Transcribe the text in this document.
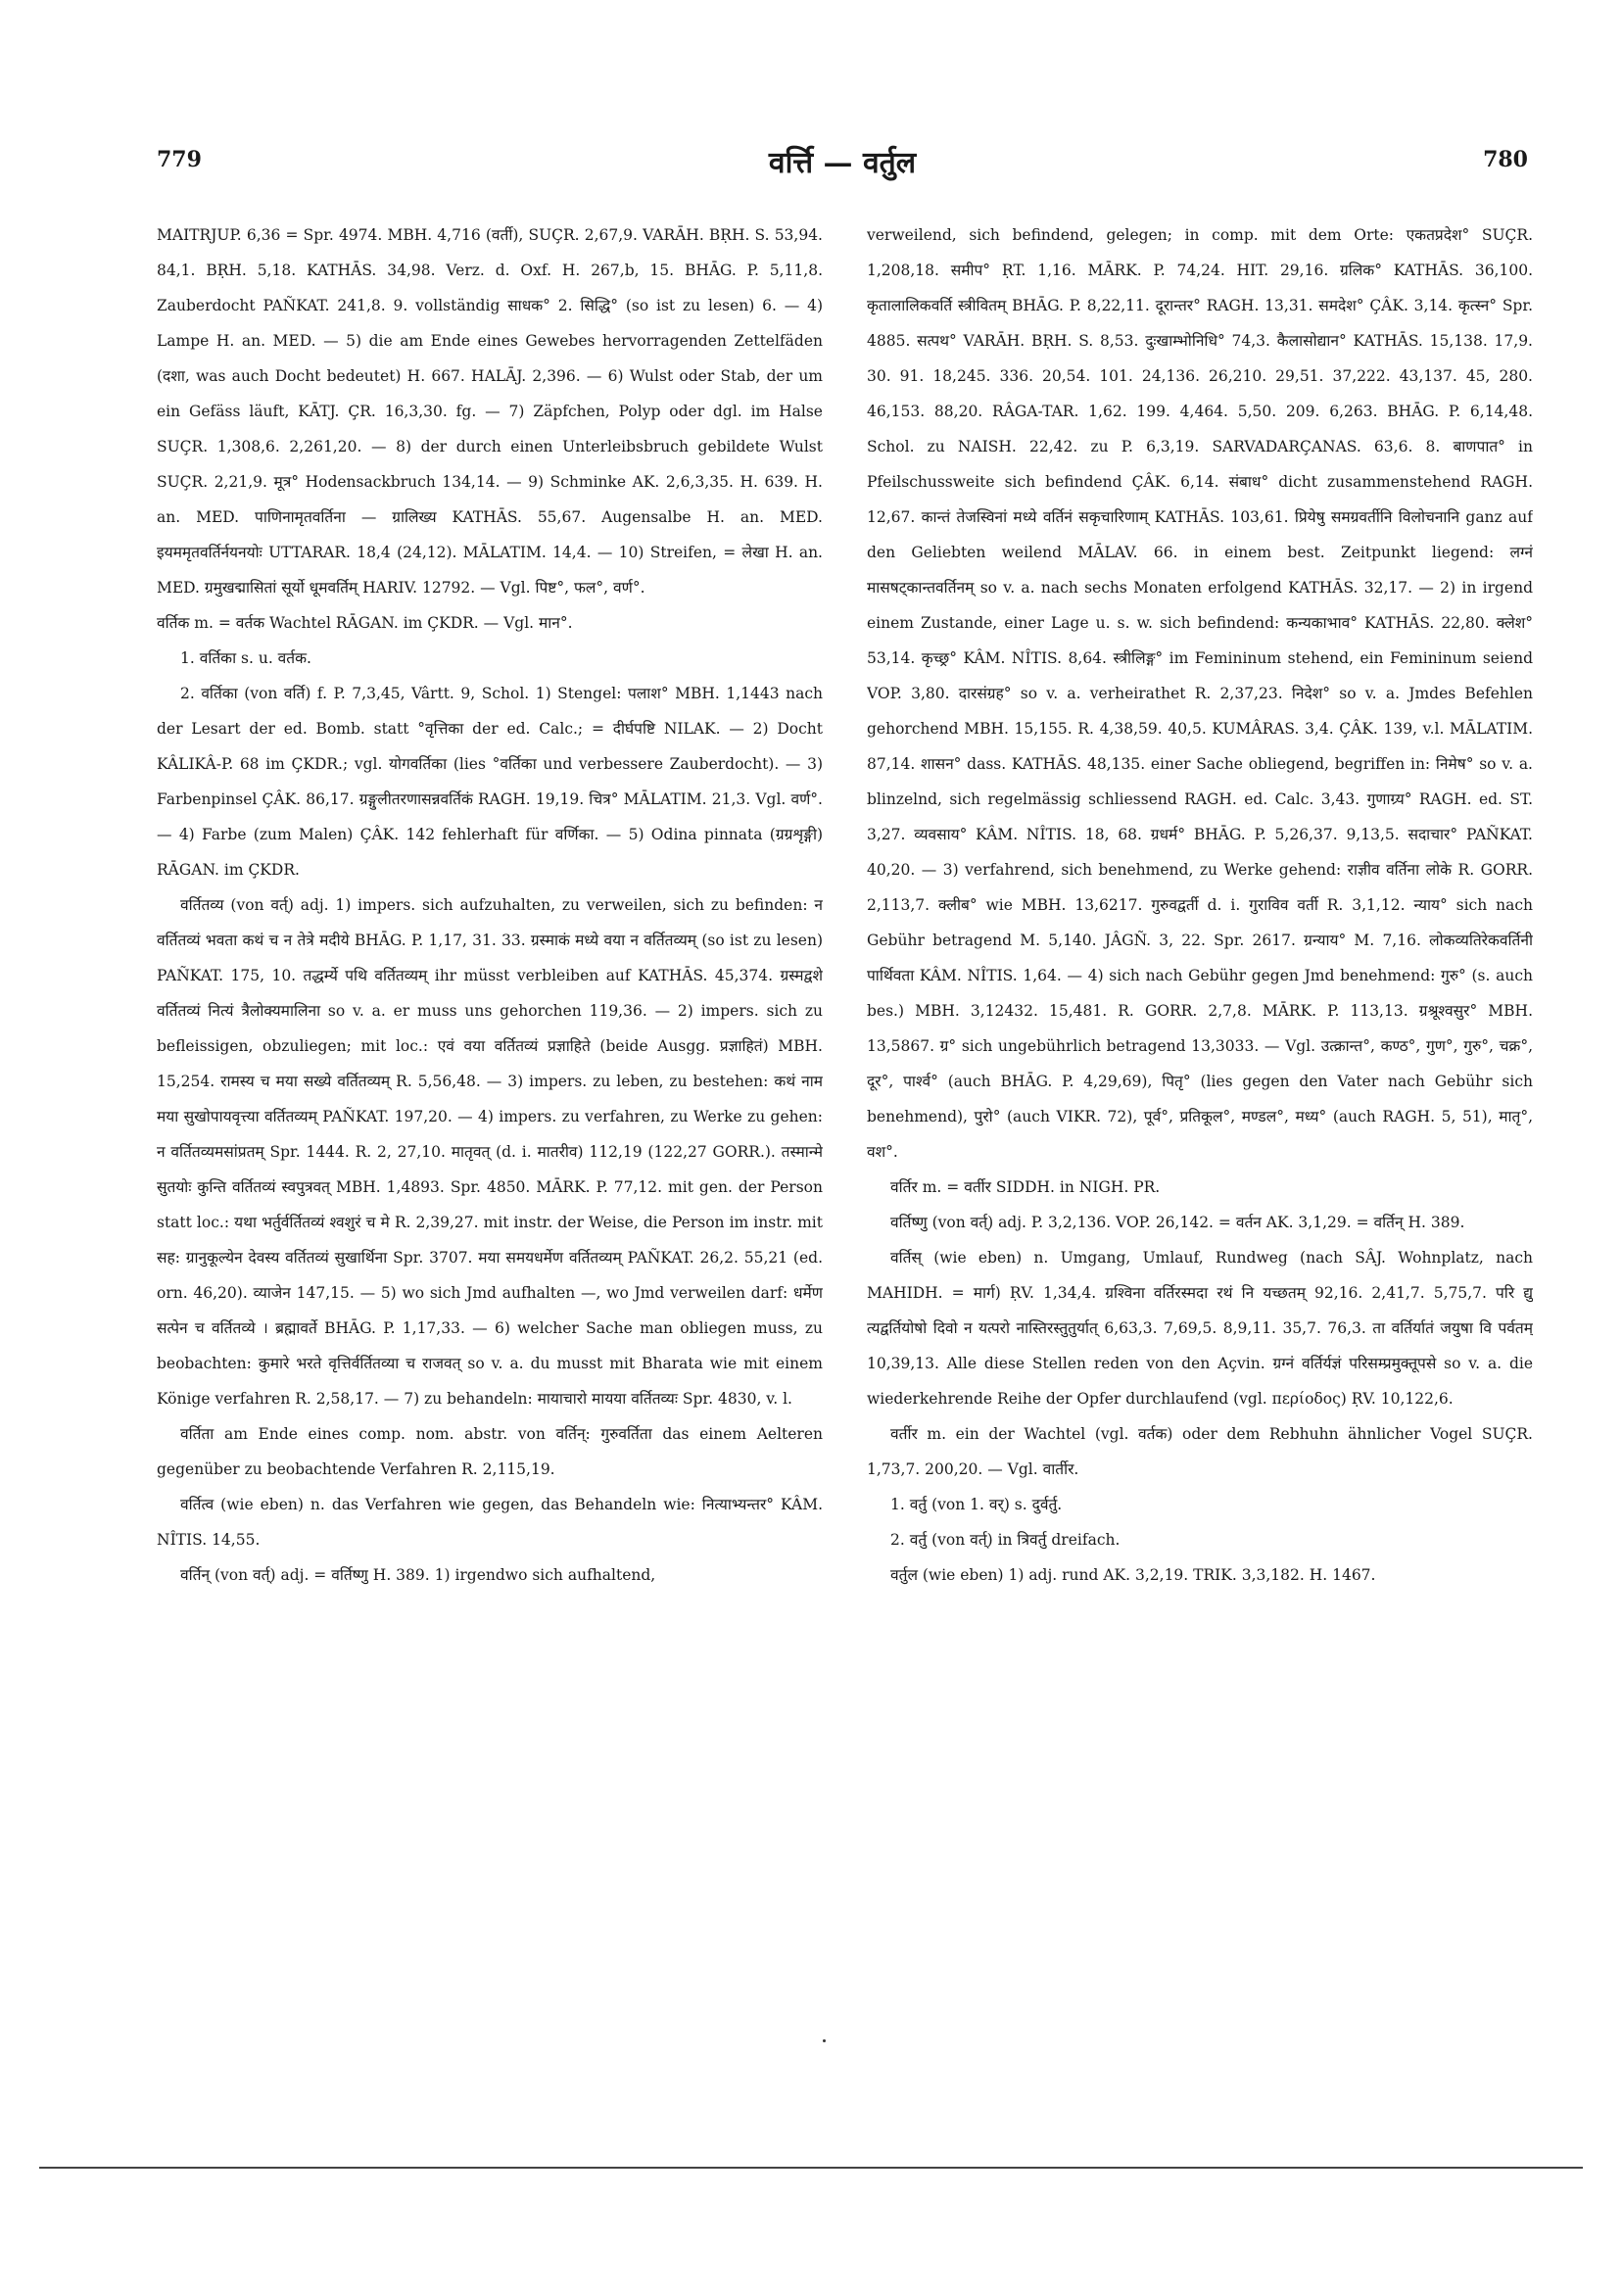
779	वर्त्ति — वर्तुल	780

MAITRJUP. 6,36 = Spr. 4974. MBH. 4,716 (वर्ती), SUÇR. 2,67,9. VARĀH. BṚH. S. 53,94. 84,1. BṚH. 5,18. KATHĀS. 34,98. Verz. d. Oxf. H. 267,b, 15. BHĀG. P. 5,11,8. Zauberdocht PAÑKAT. 241,8. 9. vollständig साधक° 2. सिद्धि° (so ist zu lesen) 6. — 4) Lampe H. an. MED. — 5) die am Ende eines Gewebes hervorragenden Zettelfäden (दशा, was auch Docht bedeutet) H. 667. HALĀJ. 2,396. — 6) Wulst oder Stab, der um ein Gefäss läuft, KĀTJ. ÇR. 16,3,30. fg. — 7) Zäpfchen, Polyp oder dgl. im Halse SUÇR. 1,308,6. 2,261,20. — 8) der durch einen Unterleibsbruch gebildete Wulst SUÇR. 2,21,9. मूत्र° Hodensackbruch 134,14. — 9) Schminke AK. 2,6,3,35. H. 639. H. an. MED. पाणिनामृतवर्तिना — ग्रालिख्य KATHĀS. 55,67. Augensalbe H. an. MED. इयममृतवर्तिर्नयनयोः UTTARAR. 18,4 (24,12). MĀLATIM. 14,4. — 10) Streifen, = लेखा H. an. MED. ग्रमुखद्मासितां सूर्यो धूमवर्तिम् HARIV. 12792. — Vgl. पिष्ट°, फल°, वर्ण°.

वर्तिक m. = वर्तक Wachtel RĀGAN. im ÇKDR. — Vgl. मान°.

1. वर्तिका s. u. वर्तक.

2. वर्तिका (von वर्ति) f. P. 7,3,45, Vârtt. 9, Schol. 1) Stengel: पलाश° MBH. 1,1443 nach der Lesart der ed. Bomb. statt °वृत्तिका der ed. Calc.; = दीर्घपष्टि NILAK. — 2) Docht KÂLIKÂ-P. 68 im ÇKDR.; vgl. योगवर्तिका (lies °वर्तिका und verbessere Zauberdocht). — 3) Farbenpinsel ÇÂK. 86,17. ग्रङ्गुलीतरणासन्नवर्तिकं RAGH. 19,19. चित्र° MĀLATIM. 21,3. Vgl. वर्ण°. — 4) Farbe (zum Malen) ÇÂK. 142 fehlerhaft für वर्णिका. — 5) Odina pinnata (ग्रग्रशृङ्गी) RĀGAN. im ÇKDR.

वर्तितव्य (von वर्त्) adj. 1) impers. sich aufzuhalten, zu verweilen, sich zu befinden: न वर्तितव्यं भवता कथं च न तेत्रे मदीये BHĀG. P. 1,17, 31. 33. ग्रस्माकं मध्ये वया न वर्तितव्यम् (so ist zu lesen) PAÑKAT. 175, 10. तद्धर्म्ये पथि वर्तितव्यम् ihr müsst verbleiben auf KATHĀS. 45,374. ग्रस्मद्वशे वर्तितव्यं नित्यं त्रैलोक्यमालिना so v. a. er muss uns gehorchen 119,36. — 2) impers. sich zu befleissigen, obzuliegen; mit loc.: एवं वया वर्तितव्यं प्रज्ञाहिते (beide Ausgg. प्रज्ञाहितं) MBH. 15,254. रामस्य च मया सख्ये वर्तितव्यम् R. 5,56,48. — 3) impers. zu leben, zu bestehen: कथं नाम मया सुखोपायवृत्त्या वर्तितव्यम् PAÑKAT. 197,20. — 4) impers. zu verfahren, zu Werke zu gehen: न वर्तितव्यमसांप्रतम् Spr. 1444. R. 2, 27,10. मातृवत् (d. i. मातरीव) 112,19 (122,27 GORR.). तस्मान्मे सुतयोः कुन्ति वर्तितव्यं स्वपुत्रवत् MBH. 1,4893. Spr. 4850. MĀRK. P. 77,12. mit gen. der Person statt loc.: यथा भर्तुर्वर्तितव्यं श्वशुरं च मे R. 2,39,27. mit instr. der Weise, die Person im instr. mit सह: ग्रानुकूल्येन देवस्य वर्तितव्यं सुखार्थिना Spr. 3707. मया समयधर्मेण वर्तितव्यम् PAÑKAT. 26,2. 55,21 (ed. orn. 46,20). व्याजेन 147,15. — 5) wo sich Jmd aufhalten —, wo Jmd verweilen darf: धर्मेण सत्पेन च वर्तितव्ये । ब्रह्मावर्ते BHĀG. P. 1,17,33. — 6) welcher Sache man obliegen muss, zu beobachten: कुमारे भरते वृत्तिर्वर्तितव्या च राजवत् so v. a. du musst mit Bharata wie mit einem Könige verfahren R. 2,58,17. — 7) zu behandeln: मायाचारो मायया वर्तितव्यः Spr. 4830, v. l.

वर्तिता am Ende eines comp. nom. abstr. von वर्तिन्: गुरुवर्तिता das einem Aelteren gegenüber zu beobachtende Verfahren R. 2,115,19.

वर्तित्व (wie eben) n. das Verfahren wie gegen, das Behandeln wie: नित्याभ्यन्तर° KÂM. NÎTIS. 14,55.

वर्तिन् (von वर्त्) adj. = वर्तिष्णु H. 389. 1) irgendwo sich aufhaltend,

verweilend, sich befindend, gelegen; in comp. mit dem Orte: एकतप्रदेश° SUÇR. 1,208,18. समीप° ṚT. 1,16. MĀRK. P. 74,24. HIT. 29,16. ग्रलिक° KATHĀS. 36,100. कृतालालिकवर्ति स्त्रीवितम् BHĀG. P. 8,22,11. दूरान्तर° RAGH. 13,31. समदेश° ÇÂK. 3,14. कृत्स्न° Spr. 4885. सत्पथ° VARĀH. BṚH. S. 8,53. दुःखाम्भोनिधि° 74,3. कैलासोद्यान° KATHĀS. 15,138. 17,9. 30. 91. 18,245. 336. 20,54. 101. 24,136. 26,210. 29,51. 37,222. 43,137. 45, 280. 46,153. 88,20. RÂGA-TAR. 1,62. 199. 4,464. 5,50. 209. 6,263. BHĀG. P. 6,14,48. Schol. zu NAISH. 22,42. zu P. 6,3,19. SARVADARÇANAS. 63,6. 8. बाणपात° in Pfeilschussweite sich befindend ÇÂK. 6,14. संबाध° dicht zusammenstehend RAGH. 12,67. कान्तं तेजस्विनां मध्ये वर्तिनं सकृचारिणाम् KATHĀS. 103,61. प्रियेषु समग्रवर्तीनि विलोचनानि ganz auf den Geliebten weilend MĀLAV. 66. in einem best. Zeitpunkt liegend: लग्नं मासषट्कान्तवर्तिनम् so v. a. nach sechs Monaten erfolgend KATHĀS. 32,17. — 2) in irgend einem Zustande, einer Lage u. s. w. sich befindend: कन्यकाभाव° KATHĀS. 22,80. क्लेश° 53,14. कृच्छ्र° KÂM. NÎTIS. 8,64. स्त्रीलिङ्ग° im Femininum stehend, ein Femininum seiend VOP. 3,80. दारसंग्रह° so v. a. verheirathet R. 2,37,23. निदेश° so v. a. Jmdes Befehlen gehorchend MBH. 15,155. R. 4,38,59. 40,5. KUMÂRAS. 3,4. ÇÂK. 139, v.l. MĀLATIM. 87,14. शासन° dass. KATHĀS. 48,135. einer Sache obliegend, begriffen in: निमेष° so v. a. blinzelnd, sich regelmässig schliessend RAGH. ed. Calc. 3,43. गुणाग्र्य° RAGH. ed. ST. 3,27. व्यवसाय° KÂM. NÎTIS. 18, 68. ग्रधर्म° BHĀG. P. 5,26,37. 9,13,5. सदाचार° PAÑKAT. 40,20. — 3) verfahrend, sich benehmend, zu Werke gehend: राज्ञीव वर्तिना लोके R. GORR. 2,113,7. क्लीब° wie MBH. 13,6217. गुरुवद्वर्ती d. i. गुराविव वर्ती R. 3,1,12. न्याय° sich nach Gebühr betragend M. 5,140. JÂGÑ. 3, 22. Spr. 2617. ग्रन्याय° M. 7,16. लोकव्यतिरेकवर्तिनी पार्थिवता KÂM. NÎTIS. 1,64. — 4) sich nach Gebühr gegen Jmd benehmend: गुरु° (s. auch bes.) MBH. 3,12432. 15,481. R. GORR. 2,7,8. MĀRK. P. 113,13. ग्रश्रूश्वसुर° MBH. 13,5867. ग्र° sich ungebührlich betragend 13,3033. — Vgl. उत्क्रान्त°, कण्ठ°, गुण°, गुरु°, चक्र°, दूर°, पार्श्व° (auch BHĀG. P. 4,29,69), पितृ° (lies gegen den Vater nach Gebühr sich benehmend), पुरो° (auch VIKR. 72), पूर्व°, प्रतिकूल°, मण्डल°, मध्य° (auch RAGH. 5, 51), मातृ°, वश°.

वर्तिर m. = वर्तीर SIDDH. in NIGH. PR.

वर्तिष्णु (von वर्त्) adj. P. 3,2,136. VOP. 26,142. = वर्तन AK. 3,1,29. = वर्तिन् H. 389.

वर्तिस् (wie eben) n. Umgang, Umlauf, Rundweg (nach SÂJ. Wohnplatz, nach MAHIDH. = मार्ग) ṚV. 1,34,4. ग्रश्विना वर्तिरस्मदा रथं नि यच्छतम् 92,16. 2,41,7. 5,75,7. परि द्यु त्यद्वर्तियोषो दिवो न यत्परो नास्तिरस्तुतुर्यात् 6,63,3. 7,69,5. 8,9,11. 35,7. 76,3. ता वर्तिर्यातं जयुषा वि पर्वतम् 10,39,13. Alle diese Stellen reden von den Açvin. ग्रग्नं वर्तिर्यज्ञं परिसम्प्रमुक्तूपसे so v. a. die wiederkehrende Reihe der Opfer durchlaufend (vgl. περίοδος) ṚV. 10,122,6.

वर्तीर m. ein der Wachtel (vgl. वर्तक) oder dem Rebhuhn ähnlicher Vogel SUÇR. 1,73,7. 200,20. — Vgl. वार्तीर.

1. वर्तु (von 1. वर्) s. दुर्वर्तु.

2. वर्तु (von वर्त्) in त्रिवर्तु dreifach.

वर्तुल (wie eben) 1) adj. rund AK. 3,2,19. TRIK. 3,3,182. H. 1467.
